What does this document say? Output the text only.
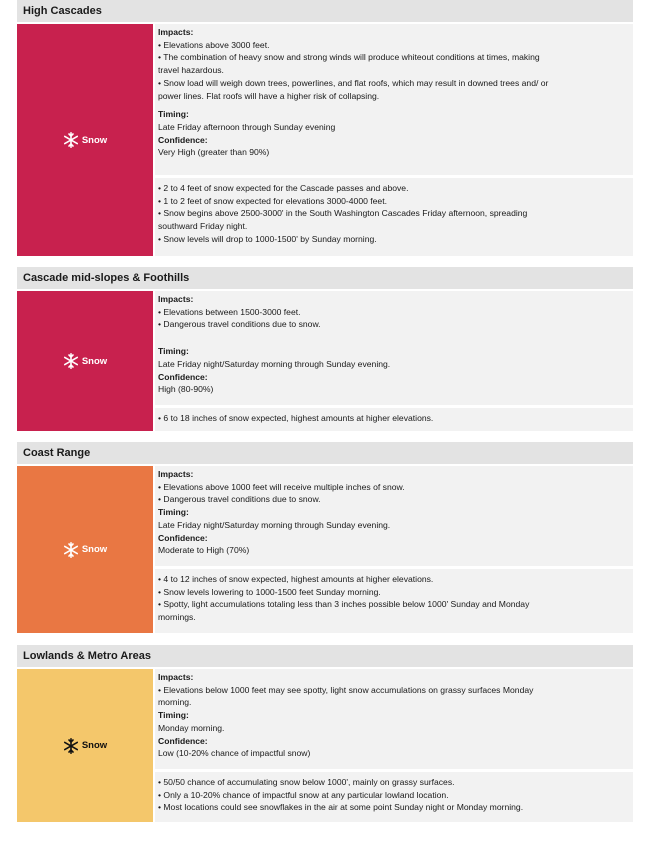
High Cascades
Snow

Impacts:

• Elevations above 3000 feet.

• The combination of heavy snow and strong winds will produce whiteout conditions at times, making

travel hazardous.

• Snow load will weigh down trees, powerlines, and flat roofs, which may result in downed trees and/ or

power lines. Flat roofs will have a higher risk of collapsing.

Timing:

Late Friday afternoon through Sunday evening

Confidence:

Very High (greater than 90%)

• 2 to 4 feet of snow expected for the Cascade passes and above.

• 1 to 2 feet of snow expected for elevations 3000-4000 feet.

• Snow begins above 2500-3000' in the South Washington Cascades Friday afternoon, spreading

southward Friday night.

• Snow levels will drop to 1000-1500' by Sunday morning.

Cascade mid-slopes & Foothills
Snow

Impacts:

• Elevations between 1500-3000 feet.

• Dangerous travel conditions due to snow.

Timing:

Late Friday night/Saturday morning through Sunday evening.

Confidence:

High (80-90%)

• 6 to 18 inches of snow expected, highest amounts at higher elevations.

Coast Range
Snow

Impacts:

• Elevations above 1000 feet will receive multiple inches of snow.

• Dangerous travel conditions due to snow.

Timing:

Late Friday night/Saturday morning through Sunday evening.

Confidence:

Moderate to High (70%)

• 4 to 12 inches of snow expected, highest amounts at higher elevations.

• Snow levels lowering to 1000-1500 feet Sunday morning.

• Spotty, light accumulations totaling less than 3 inches possible below 1000' Sunday and Monday

mornings.

Lowlands & Metro Areas
Snow

Impacts:

• Elevations below 1000 feet may see spotty, light snow accumulations on grassy surfaces Monday

morning.

Timing:

Monday morning.

Confidence:

Low (10-20% chance of impactful snow)

• 50/50 chance of accumulating snow below 1000', mainly on grassy surfaces.

• Only a 10-20% chance of impactful snow at any particular lowland location.

• Most locations could see snowflakes in the air at some point Sunday night or Monday morning.
